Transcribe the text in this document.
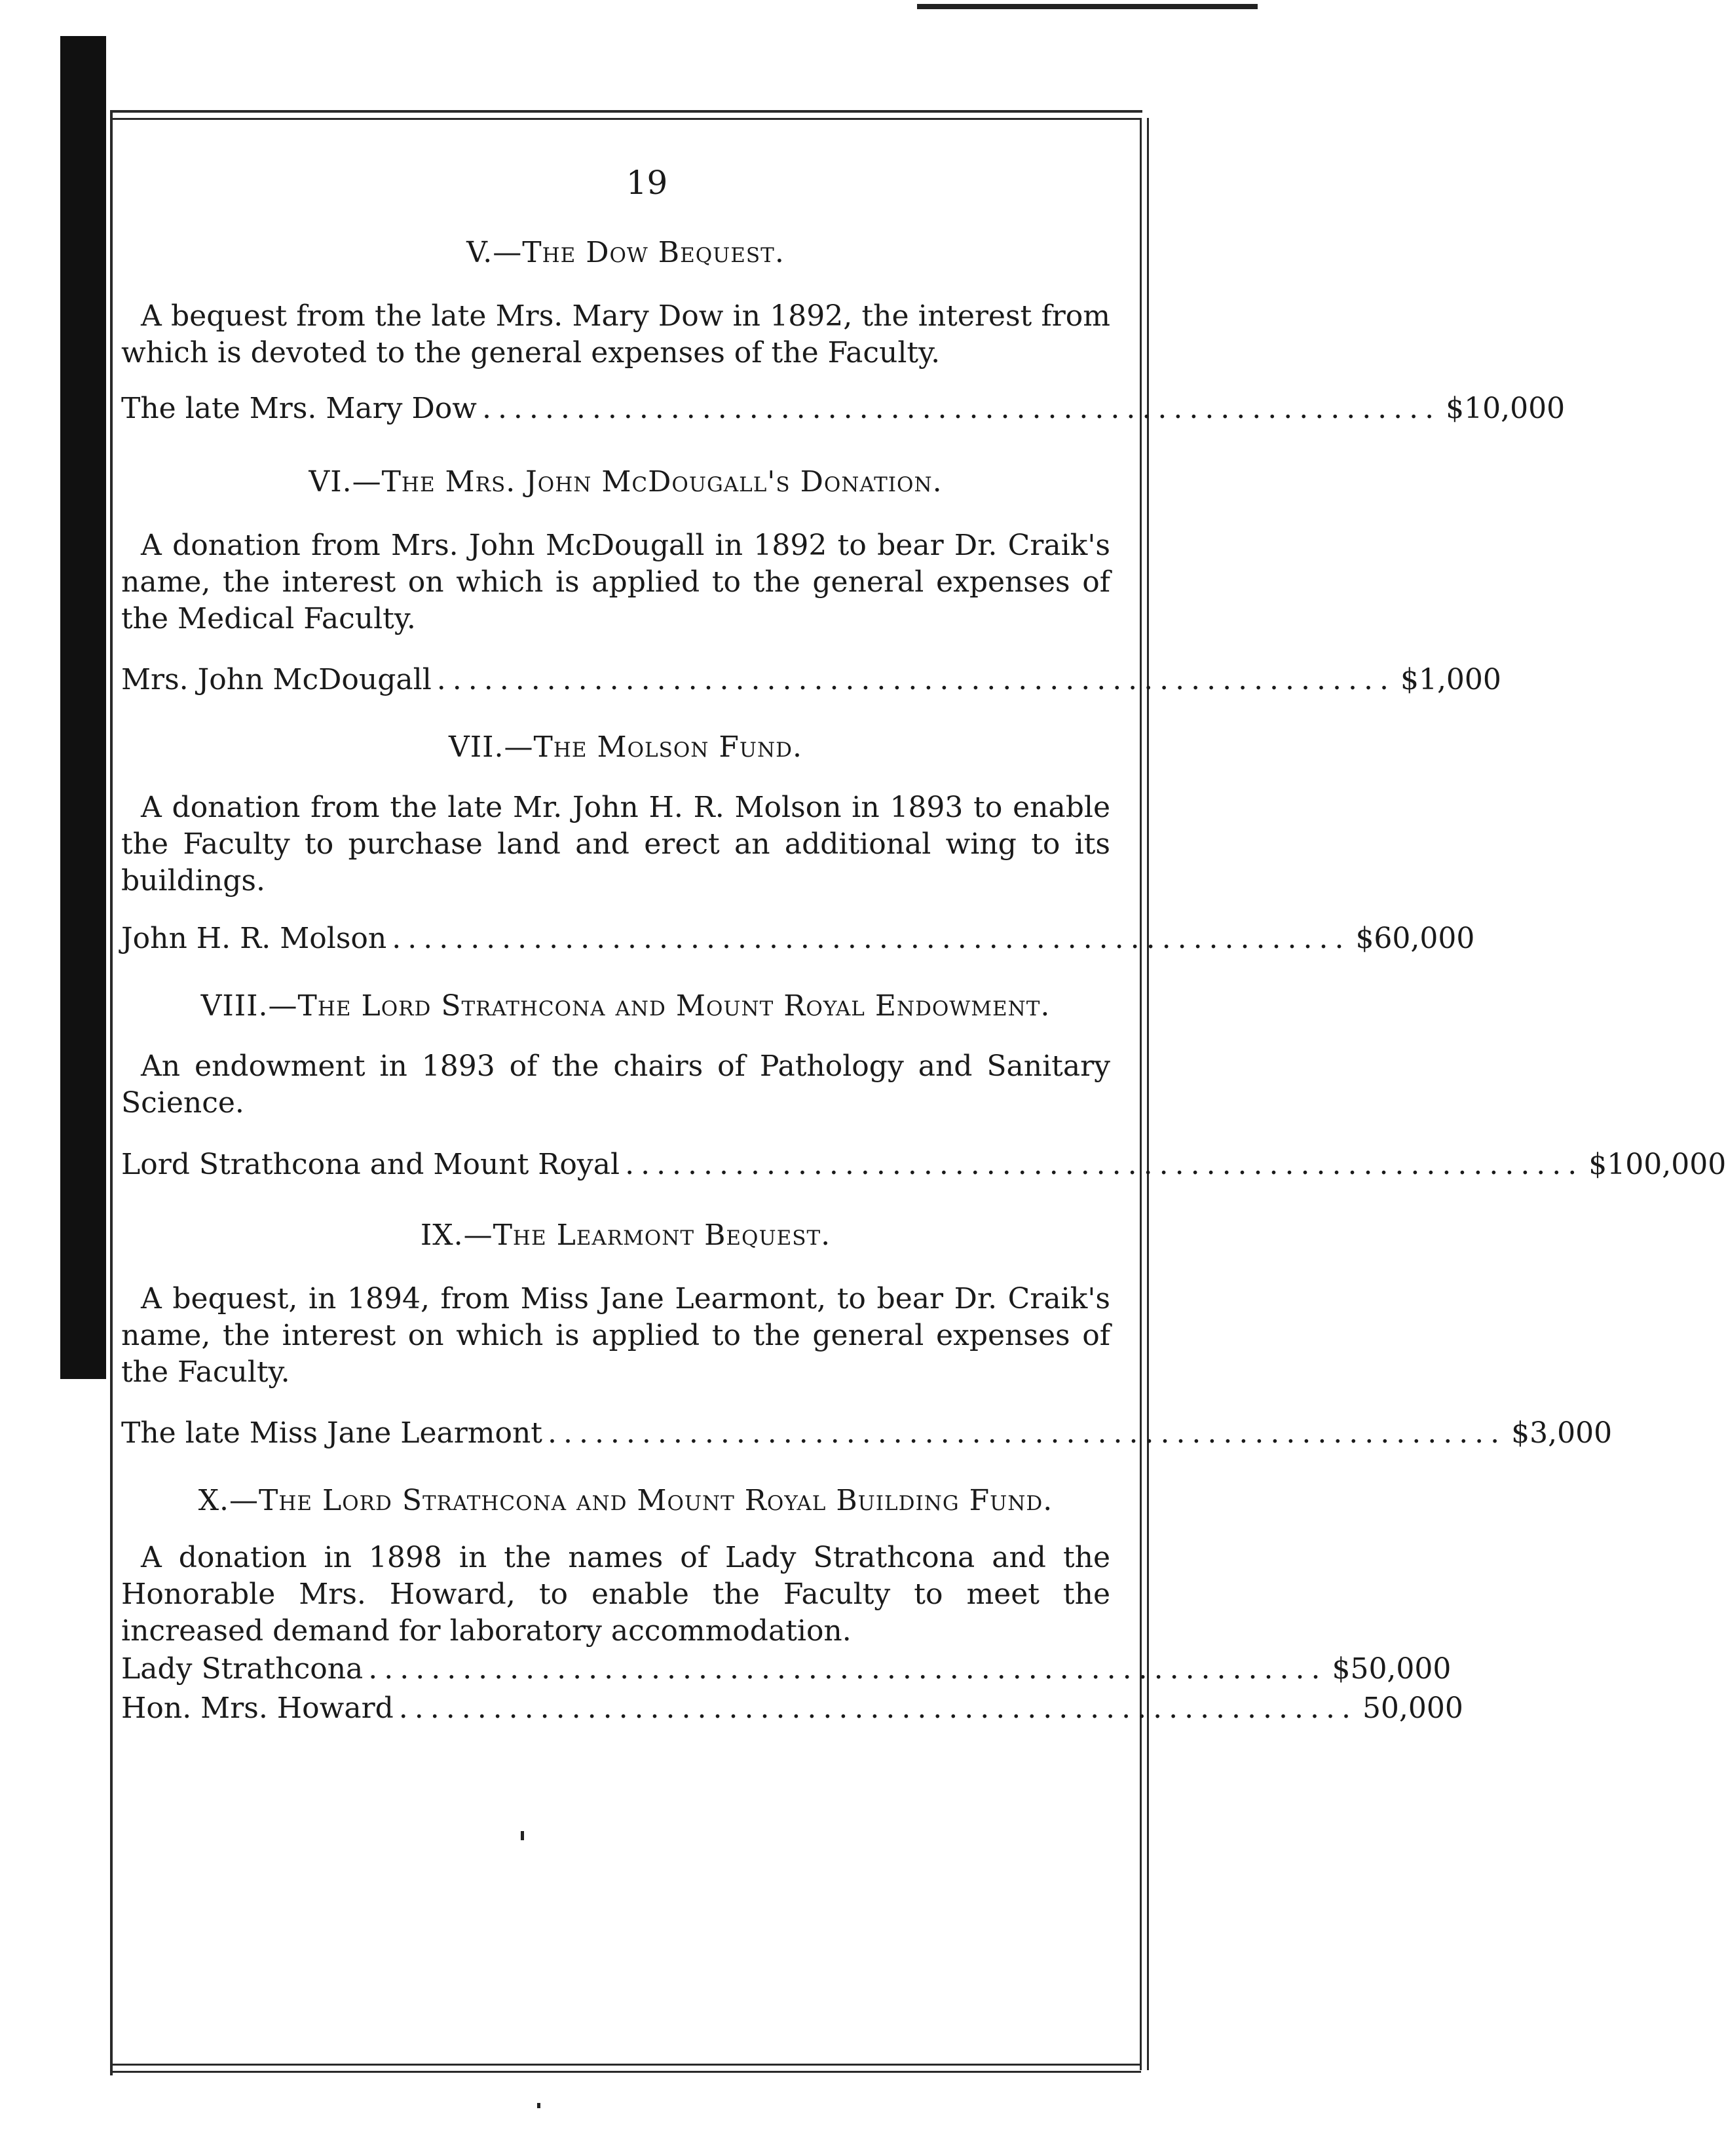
19
V.—The Dow Bequest.
A bequest from the late Mrs. Mary Dow in 1892, the interest from which is devoted to the general expenses of the Faculty.
The late Mrs. Mary Dow ............................................................. $10,000
VI.—The Mrs. John McDougall's Donation.
A donation from Mrs. John McDougall in 1892 to bear Dr. Craik's name, the interest on which is applied to the general expenses of the Medical Faculty.
Mrs. John McDougall ............................................................. $1,000
VII.—The Molson Fund.
A donation from the late Mr. John H. R. Molson in 1893 to enable the Faculty to purchase land and erect an additional wing to its buildings.
John H. R. Molson ............................................................. $60,000
VIII.—The Lord Strathcona and Mount Royal Endowment.
An endowment in 1893 of the chairs of Pathology and Sanitary Science.
Lord Strathcona and Mount Royal ............................................................. $100,000
IX.—The Learmont Bequest.
A bequest, in 1894, from Miss Jane Learmont, to bear Dr. Craik's name, the interest on which is applied to the general expenses of the Faculty.
The late Miss Jane Learmont ............................................................. $3,000
X.—The Lord Strathcona and Mount Royal Building Fund.
A donation in 1898 in the names of Lady Strathcona and the Honorable Mrs. Howard, to enable the Faculty to meet the increased demand for laboratory accommodation.
Lady Strathcona ............................................................. $50,000
Hon. Mrs. Howard ............................................................. 50,000
